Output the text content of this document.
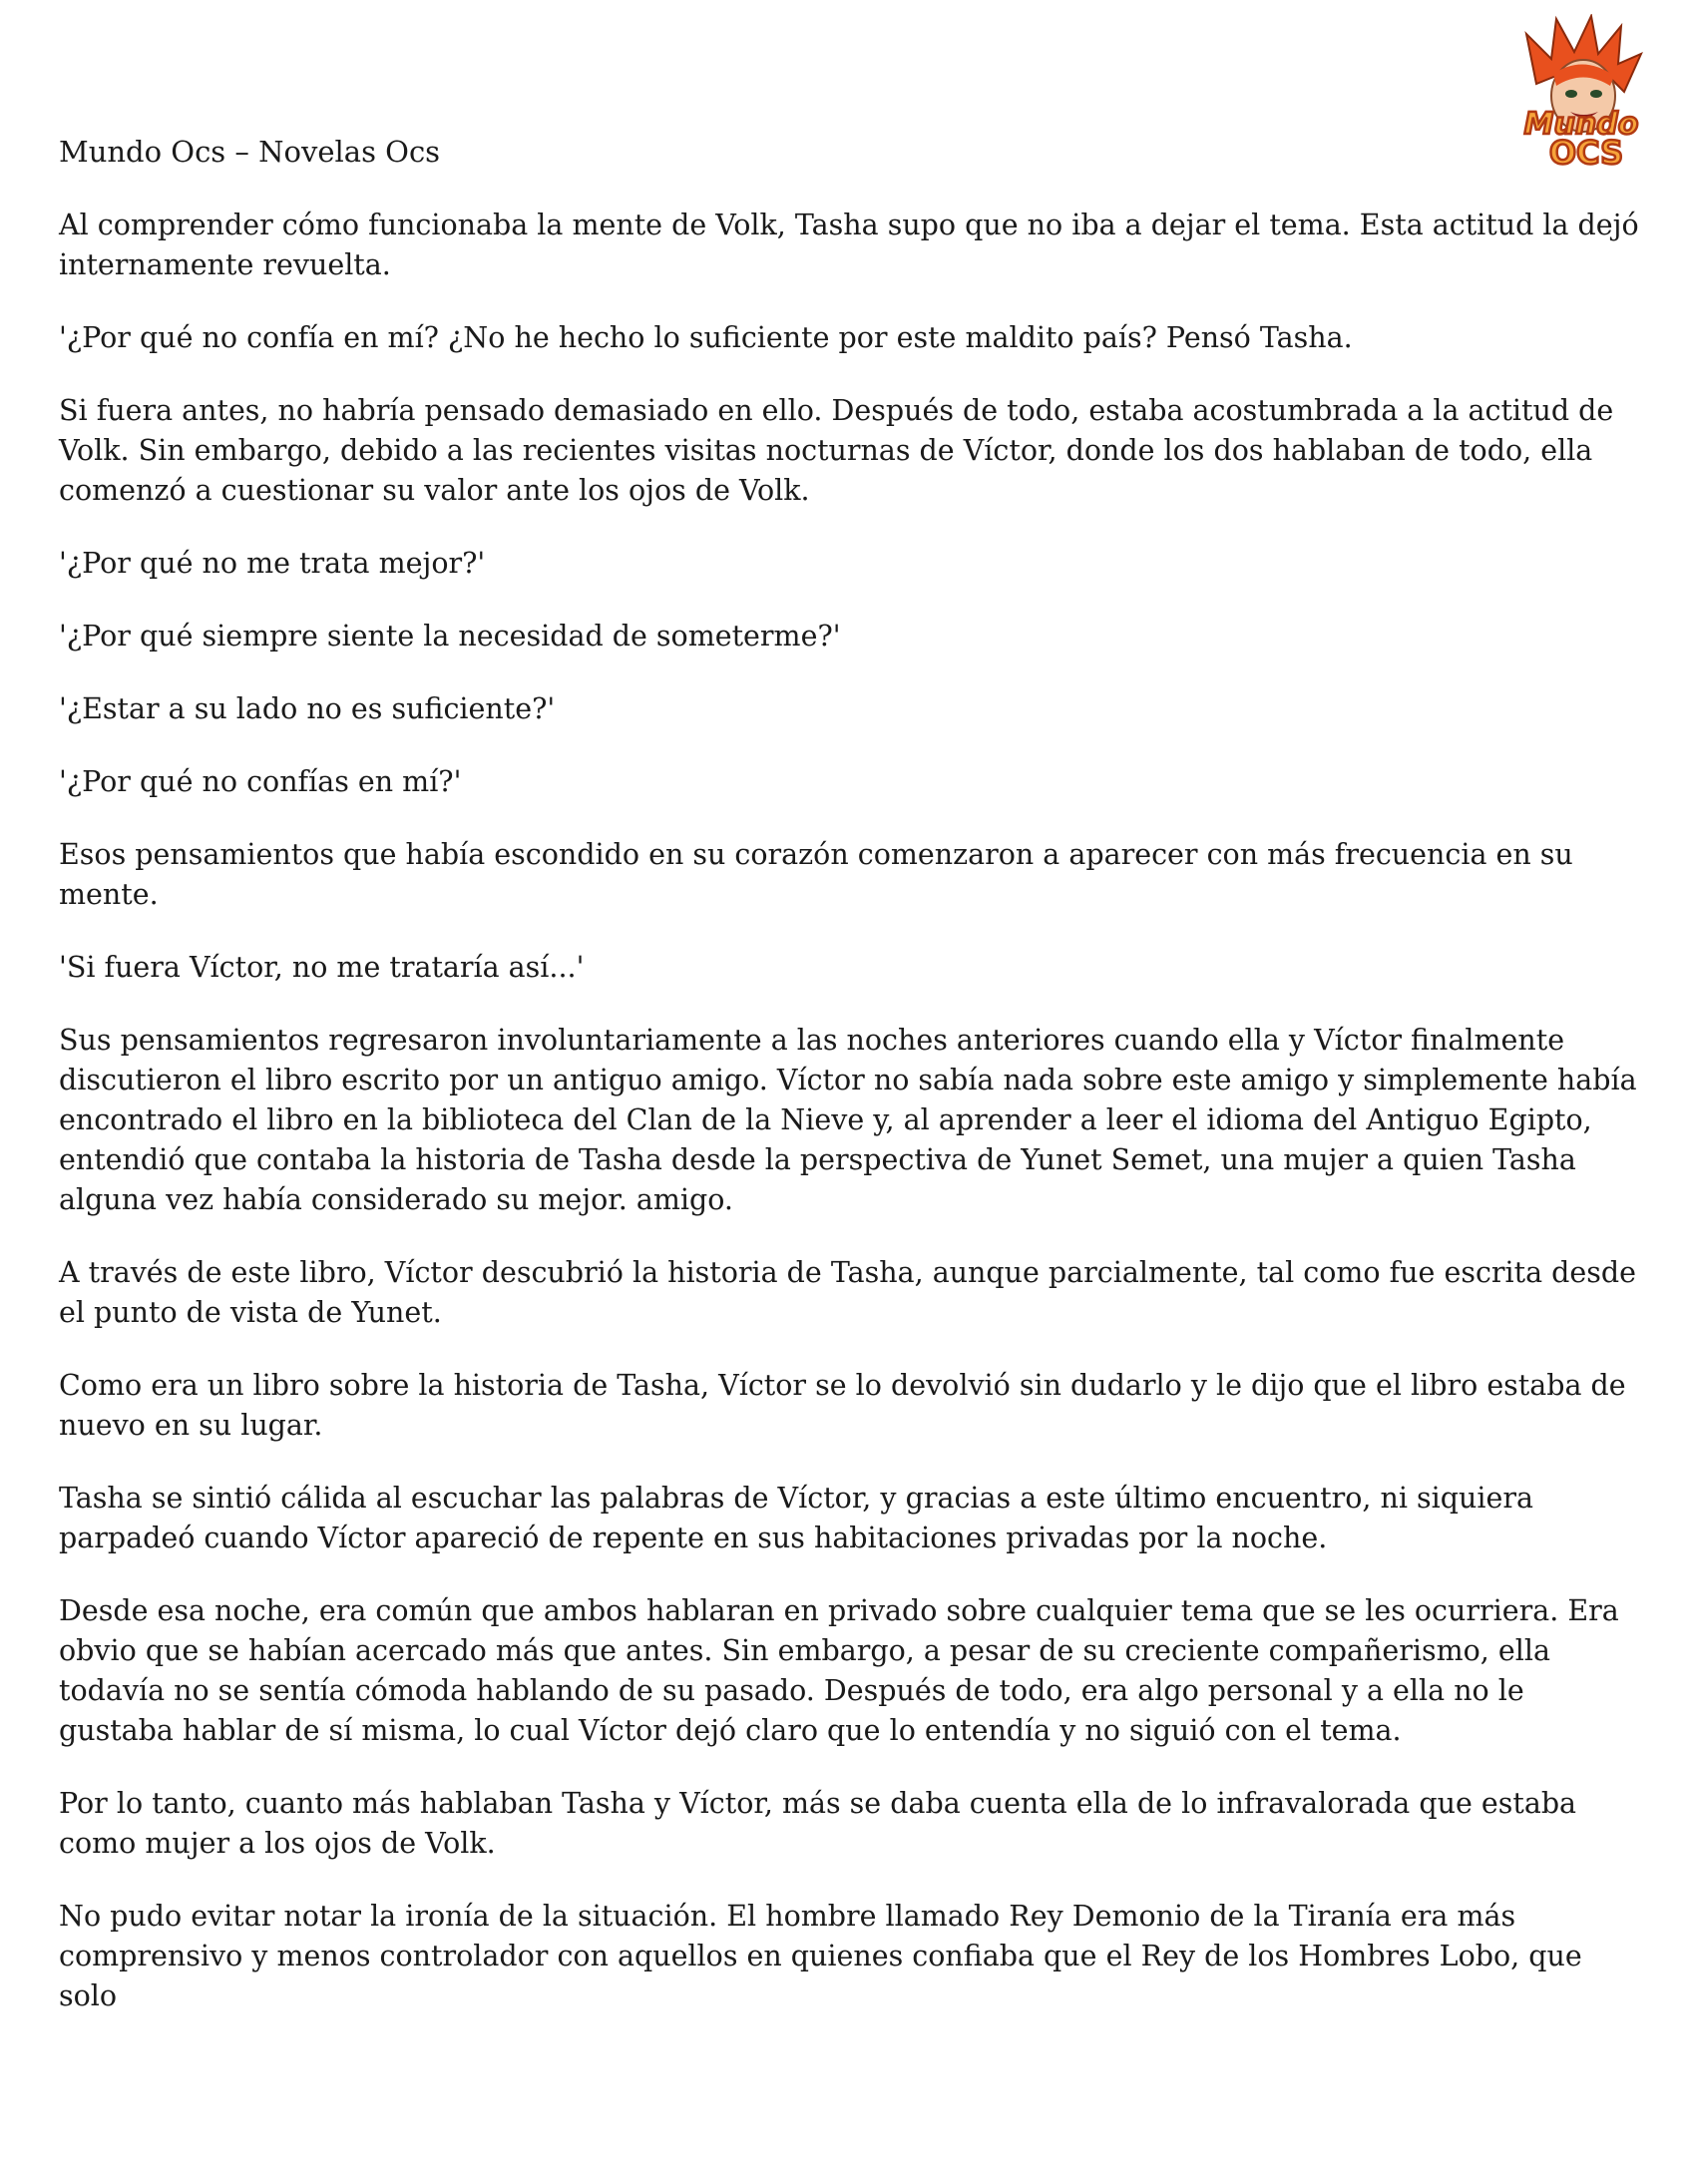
Mundo Ocs – Novelas Ocs
Mundo
OCS

Al comprender cómo funcionaba la mente de Volk, Tasha supo que no iba a dejar el tema. Esta actitud la dejó internamente revuelta.

'¿Por qué no confía en mí? ¿No he hecho lo suficiente por este maldito país? Pensó Tasha.

Si fuera antes, no habría pensado demasiado en ello. Después de todo, estaba acostumbrada a la actitud de Volk. Sin embargo, debido a las recientes visitas nocturnas de Víctor, donde los dos hablaban de todo, ella comenzó a cuestionar su valor ante los ojos de Volk.

'¿Por qué no me trata mejor?'

'¿Por qué siempre siente la necesidad de someterme?'

'¿Estar a su lado no es suficiente?'

'¿Por qué no confías en mí?'

Esos pensamientos que había escondido en su corazón comenzaron a aparecer con más frecuencia en su mente.

'Si fuera Víctor, no me trataría así...'

Sus pensamientos regresaron involuntariamente a las noches anteriores cuando ella y Víctor finalmente discutieron el libro escrito por un antiguo amigo. Víctor no sabía nada sobre este amigo y simplemente había encontrado el libro en la biblioteca del Clan de la Nieve y, al aprender a leer el idioma del Antiguo Egipto, entendió que contaba la historia de Tasha desde la perspectiva de Yunet Semet, una mujer a quien Tasha alguna vez había considerado su mejor. amigo.

A través de este libro, Víctor descubrió la historia de Tasha, aunque parcialmente, tal como fue escrita desde el punto de vista de Yunet.

Como era un libro sobre la historia de Tasha, Víctor se lo devolvió sin dudarlo y le dijo que el libro estaba de nuevo en su lugar.

Tasha se sintió cálida al escuchar las palabras de Víctor, y gracias a este último encuentro, ni siquiera parpadeó cuando Víctor apareció de repente en sus habitaciones privadas por la noche.

Desde esa noche, era común que ambos hablaran en privado sobre cualquier tema que se les ocurriera. Era obvio que se habían acercado más que antes. Sin embargo, a pesar de su creciente compañerismo, ella todavía no se sentía cómoda hablando de su pasado. Después de todo, era algo personal y a ella no le gustaba hablar de sí misma, lo cual Víctor dejó claro que lo entendía y no siguió con el tema.

Por lo tanto, cuanto más hablaban Tasha y Víctor, más se daba cuenta ella de lo infravalorada que estaba como mujer a los ojos de Volk.

No pudo evitar notar la ironía de la situación. El hombre llamado Rey Demonio de la Tiranía era más comprensivo y menos controlador con aquellos en quienes confiaba que el Rey de los Hombres Lobo, que solo
